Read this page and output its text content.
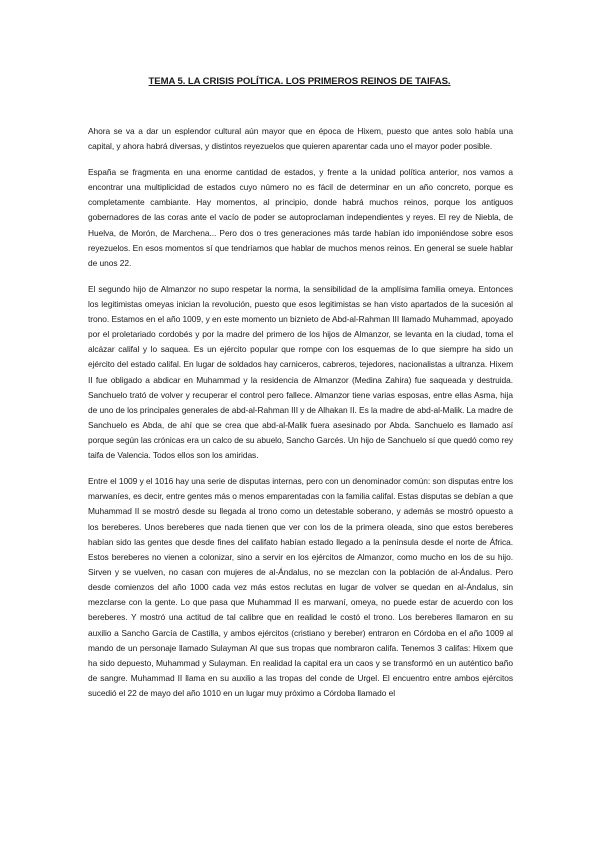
TEMA 5. LA CRISIS POLÍTICA. LOS PRIMEROS REINOS DE TAIFAS.

Ahora se va a dar un esplendor cultural aún mayor que en época de Hixem, puesto que antes solo había una capital, y ahora habrá diversas, y distintos reyezuelos que quieren aparentar cada uno el mayor poder posible.

España se fragmenta en una enorme cantidad de estados, y frente a la unidad política anterior, nos vamos a encontrar una multiplicidad de estados cuyo número no es fácil de determinar en un año concreto, porque es completamente cambiante. Hay momentos, al principio, donde habrá muchos reinos, porque los antiguos gobernadores de las coras ante el vacío de poder se autoproclaman independientes y reyes. El rey de Niebla, de Huelva, de Morón, de Marchena... Pero dos o tres generaciones más tarde habían ido imponiéndose sobre esos reyezuelos. En esos momentos sí que tendríamos que hablar de muchos menos reinos. En general se suele hablar de unos 22.

El segundo hijo de Almanzor no supo respetar la norma, la sensibilidad de la amplísima familia omeya. Entonces los legitimistas omeyas inician la revolución, puesto que esos legitimistas se han visto apartados de la sucesión al trono. Estamos en el año 1009, y en este momento un biznieto de Abd-al-Rahman III llamado Muhammad, apoyado por el proletariado cordobés y por la madre del primero de los hijos de Almanzor, se levanta en la ciudad, toma el alcázar califal y lo saquea. Es un ejército popular que rompe con los esquemas de lo que siempre ha sido un ejército del estado califal. En lugar de soldados hay carniceros, cabreros, tejedores, nacionalistas a ultranza. Hixem II fue obligado a abdicar en Muhammad y la residencia de Almanzor (Medina Zahira) fue saqueada y destruida. Sanchuelo trató de volver y recuperar el control pero fallece. Almanzor tiene varias esposas, entre ellas Asma, hija de uno de los principales generales de abd-al-Rahman III y de Alhakan II. Es la madre de abd-al-Malik. La madre de Sanchuelo es Abda, de ahí que se crea que abd-al-Malik fuera asesinado por Abda. Sanchuelo es llamado así porque según las crónicas era un calco de su abuelo, Sancho Garcés. Un hijo de Sanchuelo sí que quedó como rey taifa de Valencia. Todos ellos son los amiridas.

Entre el 1009 y el 1016 hay una serie de disputas internas, pero con un denominador común: son disputas entre los marwaníes, es decir, entre gentes más o menos emparentadas con la familia califal. Estas disputas se debían a que Muhammad II se mostró desde su llegada al trono como un detestable soberano, y además se mostró opuesto a los bereberes. Unos bereberes que nada tienen que ver con los de la primera oleada, sino que estos bereberes habían sido las gentes que desde fines del califato habían estado llegado a la península desde el norte de África. Estos bereberes no vienen a colonizar, sino a servir en los ejércitos de Almanzor, como mucho en los de su hijo. Sirven y se vuelven, no casan con mujeres de al-Ándalus, no se mezclan con la población de al-Ándalus. Pero desde comienzos del año 1000 cada vez más estos reclutas en lugar de volver se quedan en al-Ándalus, sin mezclarse con la gente. Lo que pasa que Muhammad II es marwaní, omeya, no puede estar de acuerdo con los bereberes. Y mostró una actitud de tal calibre que en realidad le costó el trono. Los bereberes llamaron en su auxilio a Sancho García de Castilla, y ambos ejércitos (cristiano y bereber) entraron en Córdoba en el año 1009 al mando de un personaje llamado Sulayman Al que sus tropas que nombraron califa. Tenemos 3 califas: Hixem que ha sido depuesto, Muhammad y Sulayman. En realidad la capital era un caos y se transformó en un auténtico baño de sangre. Muhammad II llama en su auxilio a las tropas del conde de Urgel. El encuentro entre ambos ejércitos sucedió el 22 de mayo del año 1010 en un lugar muy próximo a Córdoba llamado el
